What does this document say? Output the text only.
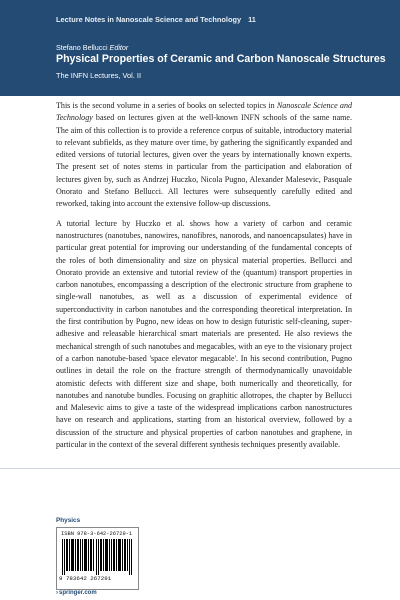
Lecture Notes in Nanoscale Science and Technology 11
Stefano Bellucci Editor
Physical Properties of Ceramic and Carbon Nanoscale Structures
The INFN Lectures, Vol. II

This is the second volume in a series of books on selected topics in Nanoscale Science and Technology based on lectures given at the well-known INFN schools of the same name. The aim of this collection is to provide a reference corpus of suitable, introductory material to relevant subfields, as they mature over time, by gathering the significantly expanded and edited versions of tutorial lectures, given over the years by internationally known experts. The present set of notes stems in particular from the participation and elaboration of lectures given by, such as Andrzej Huczko, Nicola Pugno, Alexander Malesevic, Pasquale Onorato and Stefano Bellucci. All lectures were subsequently carefully edited and reworked, taking into account the extensive follow-up discussions.

A tutorial lecture by Huczko et al. shows how a variety of carbon and ceramic nanostructures (nanotubes, nanowires, nanofibres, nanorods, and nanoencapsulates) have in particular great potential for improving our understanding of the fundamental concepts of the roles of both dimensionality and size on physical material properties. Bellucci and Onorato provide an extensive and tutorial review of the (quantum) transport properties in carbon nanotubes, encompassing a description of the electronic structure from graphene to single-wall nanotubes, as well as a discussion of experimental evidence of superconductivity in carbon nanotubes and the corresponding theoretical interpretation. In the first contribution by Pugno, new ideas on how to design futuristic self-cleaning, super-adhesive and releasable hierarchical smart materials are presented. He also reviews the mechanical strength of such nanotubes and megacables, with an eye to the visionary project of a carbon nanotube-based 'space elevator megacable'. In his second contribution, Pugno outlines in detail the role on the fracture strength of thermodynamically unavoidable atomistic defects with different size and shape, both numerically and theoretically, for nanotubes and nanotube bundles. Focusing on graphitic allotropes, the chapter by Bellucci and Malesevic aims to give a taste of the widespread implications carbon nanostructures have on research and applications, starting from an historical overview, followed by a discussion of the structure and physical properties of carbon nanotubes and graphene, in particular in the context of the several different synthesis techniques presently available.

Physics
ISBN 978-3-642-26729-1
9 783642 267291
›springer.com
